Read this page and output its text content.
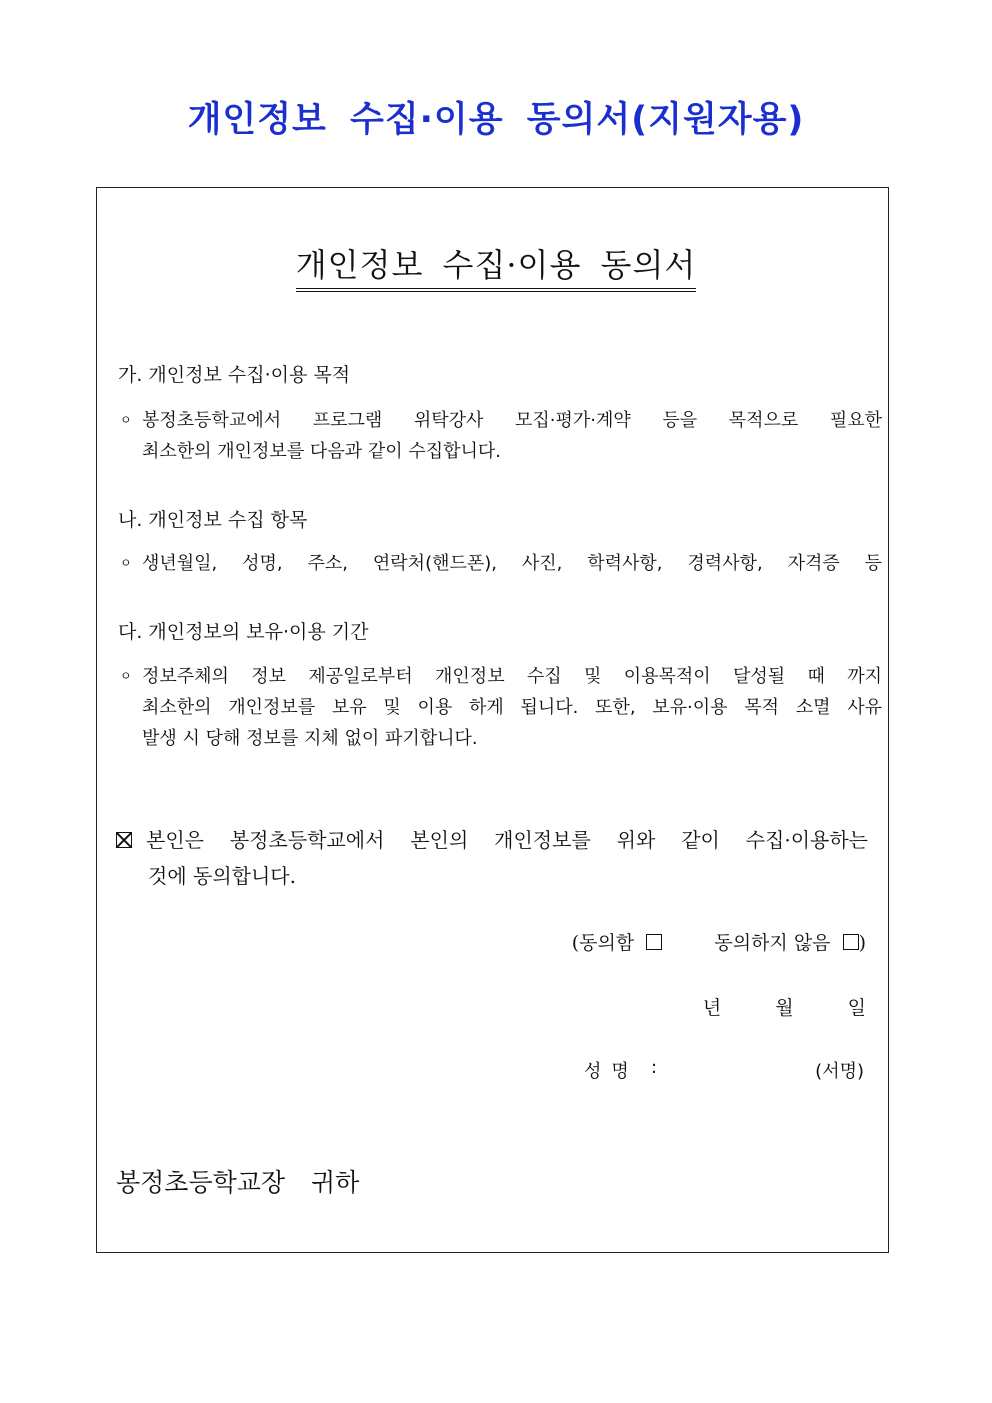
개인정보 수집·이용 동의서(지원자용)
개인정보 수집·이용 동의서
가. 개인정보 수집·이용 목적
ㅇ 봉정초등학교에서 프로그램 위탁강사 모집·평가·계약 등을 목적으로 필요한
최소한의 개인정보를 다음과 같이 수집합니다.
나. 개인정보 수집 항목
ㅇ 생년월일, 성명, 주소, 연락처(핸드폰), 사진, 학력사항, 경력사항, 자격증 등
다. 개인정보의 보유·이용 기간
ㅇ 정보주체의 정보 제공일로부터 개인정보 수집 및 이용목적이 달성될 때 까지
최소한의 개인정보를 보유 및 이용 하게 됩니다. 또한, 보유·이용 목적 소멸 사유
발생 시 당해 정보를 지체 없이 파기합니다.
본인은 봉정초등학교에서 본인의 개인정보를 위와 같이 수집·이용하는
것에 동의합니다.
(동의함	동의하지 않음 )
년	월	일
성명 :	(서명)
봉정초등학교장 귀하
